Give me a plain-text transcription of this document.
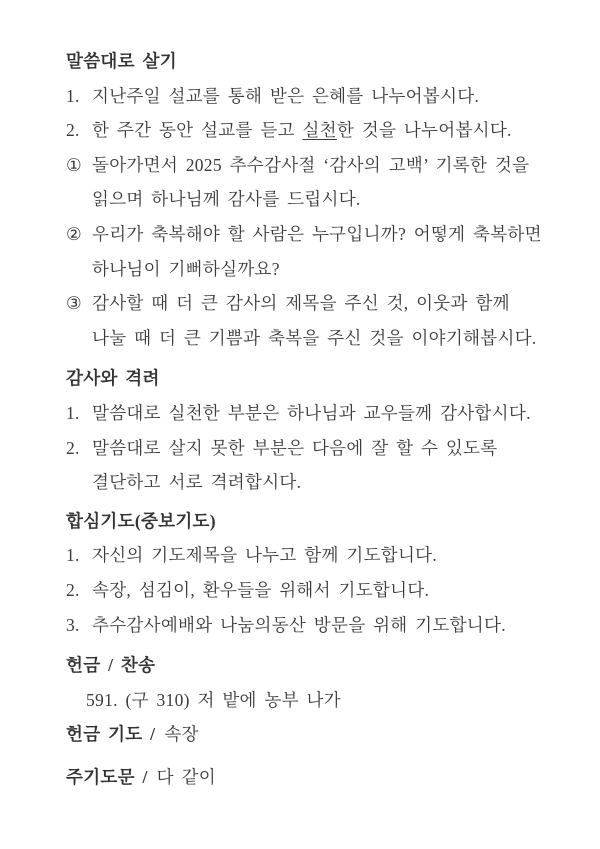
말씀대로 살기
1. 지난주일 설교를 통해 받은 은혜를 나누어봅시다.
2. 한 주간 동안 설교를 듣고 실천한 것을 나누어봅시다.
① 돌아가면서 2025 추수감사절 ‘감사의 고백’ 기록한 것을
읽으며 하나님께 감사를 드립시다.
② 우리가 축복해야 할 사람은 누구입니까? 어떻게 축복하면
하나님이 기뻐하실까요?
③ 감사할 때 더 큰 감사의 제목을 주신 것, 이웃과 함께
나눌 때 더 큰 기쁨과 축복을 주신 것을 이야기해봅시다.
감사와 격려
1. 말씀대로 실천한 부분은 하나님과 교우들께 감사합시다.
2. 말씀대로 살지 못한 부분은 다음에 잘 할 수 있도록
결단하고 서로 격려합시다.
합심기도(중보기도)
1. 자신의 기도제목을 나누고 함께 기도합니다.
2. 속장, 섬김이, 환우들을 위해서 기도합니다.
3. 추수감사예배와 나눔의동산 방문을 위해 기도합니다.
헌금 / 찬송
591. (구 310) 저 밭에 농부 나가
헌금 기도 / 속장
주기도문 / 다 같이
